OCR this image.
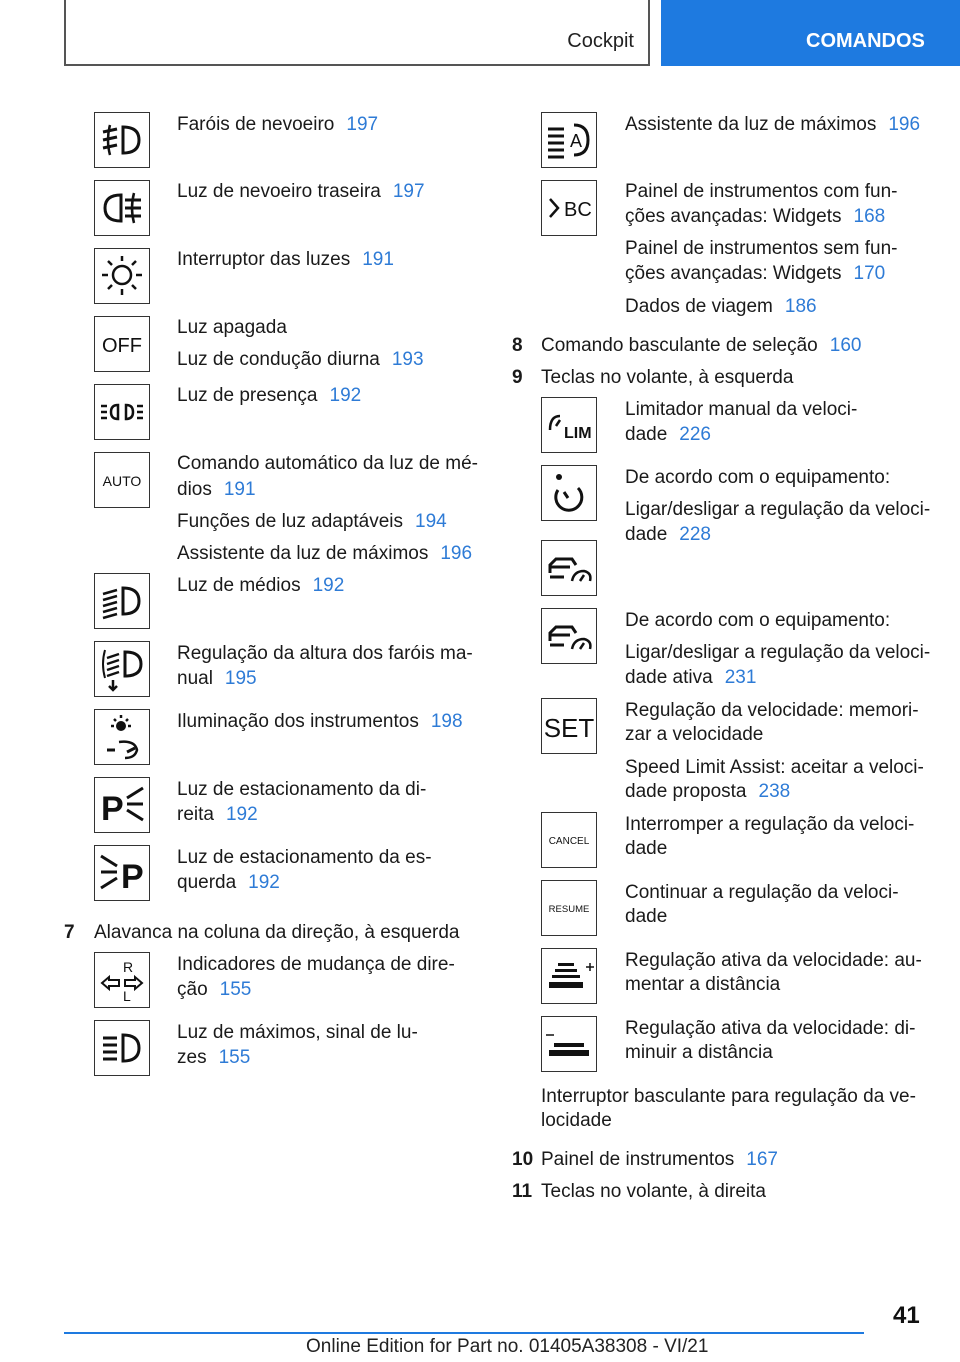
Cockpit	COMANDOS
Faróis de nevoeiro 197
Luz de nevoeiro traseira 197
Interruptor das luzes 191
OFF
Luz apagada
Luz de condução diurna 193
Luz de presença 192
AUTO
Comando automático da luz de mé-
dios 191
Funções de luz adaptáveis 194
Assistente da luz de máximos 196
Luz de médios 192
Regulação da altura dos faróis ma-
nual 195
Iluminação dos instrumentos 198
P
Luz de estacionamento da di-
reita 192
P
Luz de estacionamento da es-
querda 192
7 Alavanca na coluna da direção, à esquerda
R
L
Indicadores de mudança de dire-
ção 155
Luz de máximos, sinal de lu-
zes 155
A
Assistente da luz de máximos 196
BC
Painel de instrumentos com fun-
ções avançadas: Widgets 168
Painel de instrumentos sem fun-
ções avançadas: Widgets 170
Dados de viagem 186
8 Comando basculante de seleção 160
9 Teclas no volante, à esquerda
LIM
Limitador manual da veloci-
dade 226
De acordo com o equipamento:
Ligar/desligar a regulação da veloci-
dade 228
De acordo com o equipamento:
Ligar/desligar a regulação da veloci-
dade ativa 231
SET
Regulação da velocidade: memori-
zar a velocidade
Speed Limit Assist: aceitar a veloci-
dade proposta 238
CANCEL
Interromper a regulação da veloci-
dade
RESUME
Continuar a regulação da veloci-
dade
Regulação ativa da velocidade: au-
mentar a distância
Regulação ativa da velocidade: di-
minuir a distância
Interruptor basculante para regulação da ve-
locidade
10 Painel de instrumentos 167
11 Teclas no volante, à direita
41
Online Edition for Part no. 01405A38308 - VI/21
